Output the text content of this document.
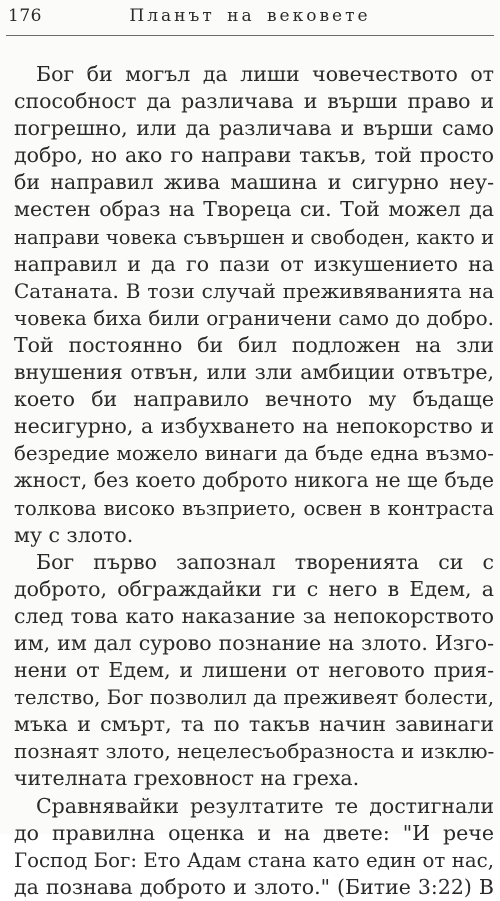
176	Планът на вековете
Бог би могъл да лиши човечеството от
способност да различава и върши право и
погрешно, или да различава и върши само
добро, но ако го направи такъв, той просто
би направил жива машина и сигурно неу-
местен образ на Твореца си. Той можел да
направи човека съвършен и свободен, както и
направил и да го пази от изкушението на
Сатаната. В този случай преживяванията на
човека биха били ограничени само до добро.
Той постоянно би бил подложен на зли
внушения отвън, или зли амбиции отвътре,
което би направило вечното му бъдаще
несигурно, а избухването на непокорство и
безредие можело винаги да бъде една възмо-
жност, без което доброто никога не ще бъде
толкова високо възприето, освен в контраста
му с злото.
Бог първо запознал творенията си с
доброто, обграждайки ги с него в Едем, а
след това като наказание за непокорството
им, им дал сурово познание на злото. Изго-
нени от Едем, и лишени от неговото прия-
телство, Бог позволил да преживеят болести,
мъка и смърт, та по такъв начин завинаги
познаят злото, нецелесъобразноста и изклю-
чителната греховност на греха.
Сравнявайки резултатите те достигнали
до правилна оценка и на двете: "И рече
Господ Бог: Ето Адам стана като един от нас,
да познава доброто и злото." (Битие 3:22) В
